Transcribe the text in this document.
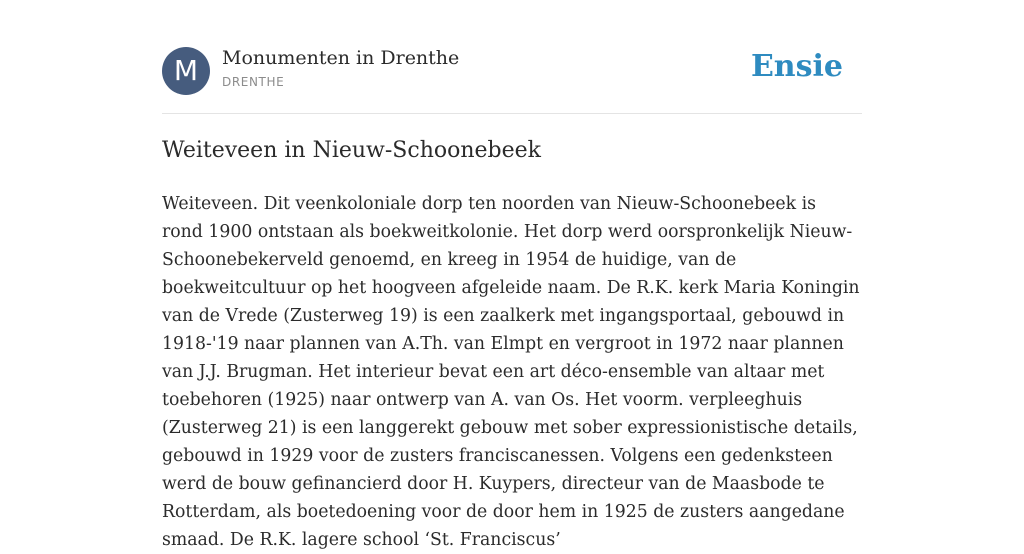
M	Monumenten in Drenthe
DRENTHE	Ensie
Weiteveen in Nieuw-Schoonebeek

Weiteveen. Dit veenkoloniale dorp ten noorden van Nieuw-Schoonebeek is rond 1900 ontstaan als boekweitkolonie. Het dorp werd oorspronkelijk Nieuw-Schoonebekerveld genoemd, en kreeg in 1954 de huidige, van de boekweitcultuur op het hoogveen afgeleide naam. De R.K. kerk Maria Koningin van de Vrede (Zusterweg 19) is een zaalkerk met ingangsportaal, gebouwd in 1918-'19 naar plannen van A.Th. van Elmpt en vergroot in 1972 naar plannen van J.J. Brugman. Het interieur bevat een art déco-ensemble van altaar met toebehoren (1925) naar ontwerp van A. van Os. Het voorm. verpleeghuis (Zusterweg 21) is een langgerekt gebouw met sober expressionistische details, gebouwd in 1929 voor de zusters franciscanessen. Volgens een gedenksteen werd de bouw gefinancierd door H. Kuypers, directeur van de Maasbode te Rotterdam, als boetedoening voor de door hem in 1925 de zusters aangedane smaad. De R.K. lagere school ‘St. Franciscus’
